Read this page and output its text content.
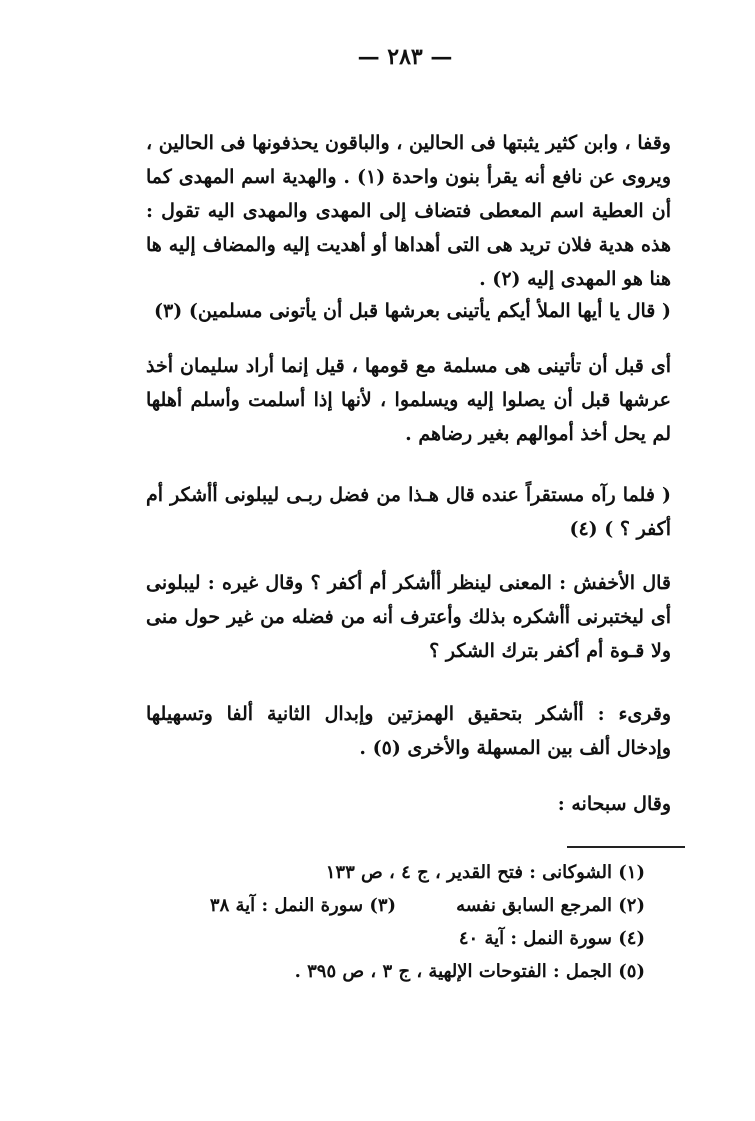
— ٢٨٣ —
وقفا ، وابن كثير يثبتها فى الحالين ، والباقون يحذفونها فى الحالين ، ويروى عن نافع أنه يقرأ بنون واحدة (١) . والهدية اسم المهدى كما أن العطية اسم المعطى فتضاف إلى المهدى والمهدى اليه تقول : هذه هدية فلان تريد هى التى أهداها أو أهديت إليه والمضاف إليه ها هنا هو المهدى إليه (٢) .
( قال يا أيها الملأ أيكم يأتينى بعرشها قبل أن يأتونى مسلمين) (٣)
أى قبل أن تأتينى هى مسلمة مع قومها ، قيل إنما أراد سليمان أخذ عرشها قبل أن يصلوا إليه ويسلموا ، لأنها إذا أسلمت وأسلم أهلها لم يحل أخذ أموالهم بغير رضاهم .
( فلما رآه مستقراً عنده قال هـذا من فضل ربـى ليبلونى أأشكر أم أكفر ؟ ) (٤)
قال الأخفش : المعنى لينظر أأشكر أم أكفر ؟ وقال غيره : ليبلونى أى ليختبرنى أأشكره بذلك وأعترف أنه من فضله من غير حول منى ولا قـوة أم أكفر بترك الشكر ؟
وقرىء : أأشكر بتحقيق الهمزتين وإبدال الثانية ألفا وتسهيلها وإدخال ألف بين المسهلة والأخرى (٥) .
وقال سبحانه :
(١) الشوكانى : فتح القدير ، ج ٤ ، ص ١٣٣
(٢) المرجع السابق نفسه
(٣) سورة النمل : آية ٣٨
(٤) سورة النمل : آية ٤٠
(٥) الجمل : الفتوحات الإلهية ، ج ٣ ، ص ٣٩٥ .
